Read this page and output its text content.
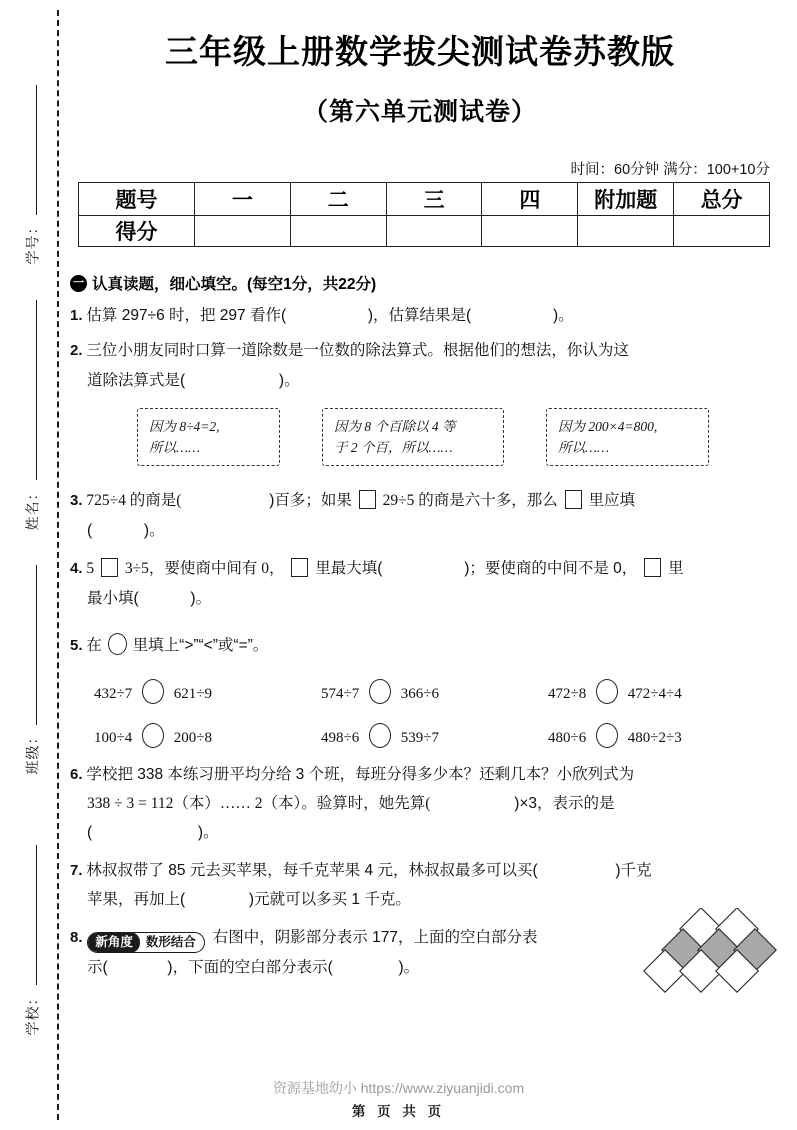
学号：
姓名：
班级：
学校：
三年级上册数学拔尖测试卷苏教版
（第六单元测试卷）
时间：60分钟 满分：100+10分
题号	一	二	三	四	附加题	总分
得分						
一 认真读题，细心填空。(每空1分，共22分)
1. 估算 297÷6 时，把 297 看作(	)，估算结果是(	)。
2. 三位小朋友同时口算一道除数是一位数的除法算式。根据他们的想法，你认为这
道除法算式是(	)。
因为 8÷4=2,
所以……
因为 8 个百除以 4 等
于 2 个百，所以……
因为 200×4=800,
所以……
3. 725÷4 的商是(	)百多；如果 29÷5 的商是六十多，那么 里应填
(	)。
4. 5 3÷5，要使商中间有 0， 里最大填(	)；要使商的中间不是 0， 里
最小填(	)。
5. 在 里填上“>”“<”或“=”。
432÷7	621÷9	574÷7	366÷6	472÷8	472÷4÷4
100÷4	200÷8	498÷6	539÷7	480÷6	480÷2÷3
6. 学校把 338 本练习册平均分给 3 个班，每班分得多少本？还剩几本？小欣列式为
338 ÷ 3 = 112（本）…… 2（本）。验算时，她先算(	)×3，表示的是
(	)。
7. 林叔叔带了 85 元去买苹果，每千克苹果 4 元，林叔叔最多可以买(	)千克
苹果，再加上(	)元就可以多买 1 千克。
8.	新角度	数形结合	右图中，阴影部分表示 177，上面的空白部分表
示(	)，下面的空白部分表示(	)。
资源基地幼小 https://www.ziyuanjidi.com
第 页 共 页
